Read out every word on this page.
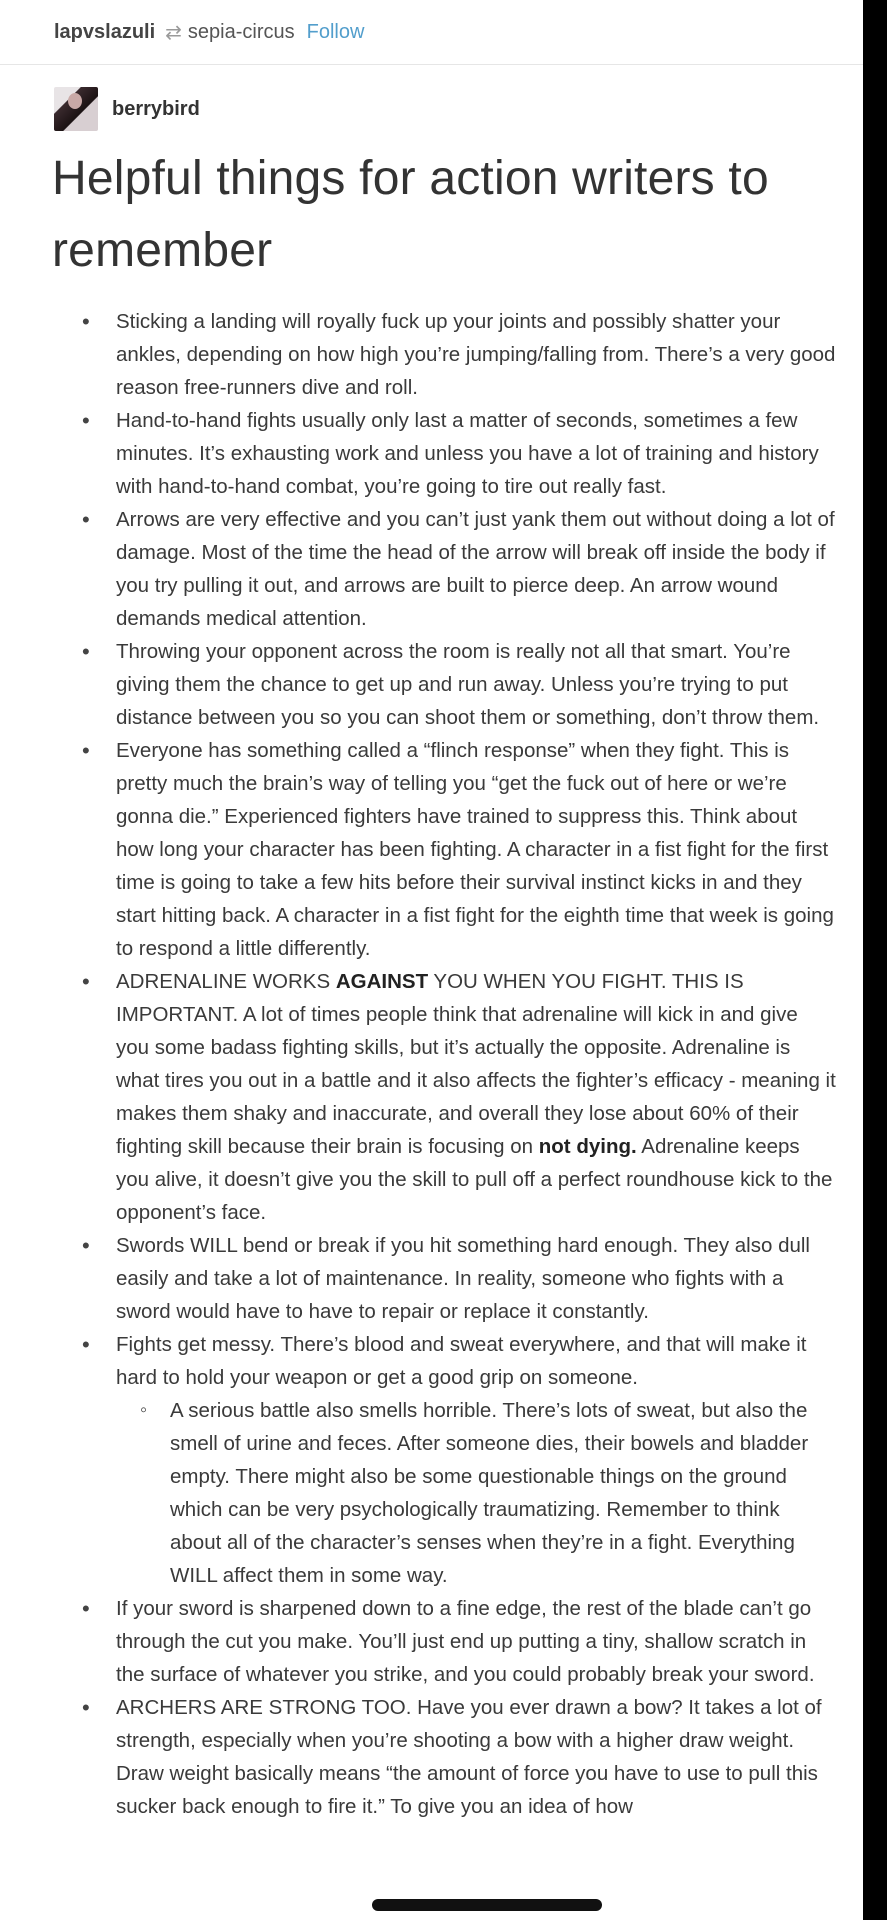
lapvslazuli ⇄ sepia-circus Follow
berrybird
Helpful things for action writers to remember
• Sticking a landing will royally fuck up your joints and possibly shatter your ankles, depending on how high you’re jumping/falling from. There’s a very good reason free-runners dive and roll.
• Hand-to-hand fights usually only last a matter of seconds, sometimes a few minutes. It’s exhausting work and unless you have a lot of training and history with hand-to-hand combat, you’re going to tire out really fast.
• Arrows are very effective and you can’t just yank them out without doing a lot of damage. Most of the time the head of the arrow will break off inside the body if you try pulling it out, and arrows are built to pierce deep. An arrow wound demands medical attention.
• Throwing your opponent across the room is really not all that smart. You’re giving them the chance to get up and run away. Unless you’re trying to put distance between you so you can shoot them or something, don’t throw them.
• Everyone has something called a “flinch response” when they fight. This is pretty much the brain’s way of telling you “get the fuck out of here or we’re gonna die.” Experienced fighters have trained to suppress this. Think about how long your character has been fighting. A character in a fist fight for the first time is going to take a few hits before their survival instinct kicks in and they start hitting back. A character in a fist fight for the eighth time that week is going to respond a little differently.
• ADRENALINE WORKS AGAINST YOU WHEN YOU FIGHT. THIS IS IMPORTANT. A lot of times people think that adrenaline will kick in and give you some badass fighting skills, but it’s actually the opposite. Adrenaline is what tires you out in a battle and it also affects the fighter’s efficacy - meaning it makes them shaky and inaccurate, and overall they lose about 60% of their fighting skill because their brain is focusing on not dying. Adrenaline keeps you alive, it doesn’t give you the skill to pull off a perfect roundhouse kick to the opponent’s face.
• Swords WILL bend or break if you hit something hard enough. They also dull easily and take a lot of maintenance. In reality, someone who fights with a sword would have to have to repair or replace it constantly.
• Fights get messy. There’s blood and sweat everywhere, and that will make it hard to hold your weapon or get a good grip on someone.
◦ A serious battle also smells horrible. There’s lots of sweat, but also the smell of urine and feces. After someone dies, their bowels and bladder empty. There might also be some questionable things on the ground which can be very psychologically traumatizing. Remember to think about all of the character’s senses when they’re in a fight. Everything WILL affect them in some way.
• If your sword is sharpened down to a fine edge, the rest of the blade can’t go through the cut you make. You’ll just end up putting a tiny, shallow scratch in the surface of whatever you strike, and you could probably break your sword.
• ARCHERS ARE STRONG TOO. Have you ever drawn a bow? It takes a lot of strength, especially when you’re shooting a bow with a higher draw weight. Draw weight basically means “the amount of force you have to use to pull this sucker back enough to fire it.” To give you an idea of how
